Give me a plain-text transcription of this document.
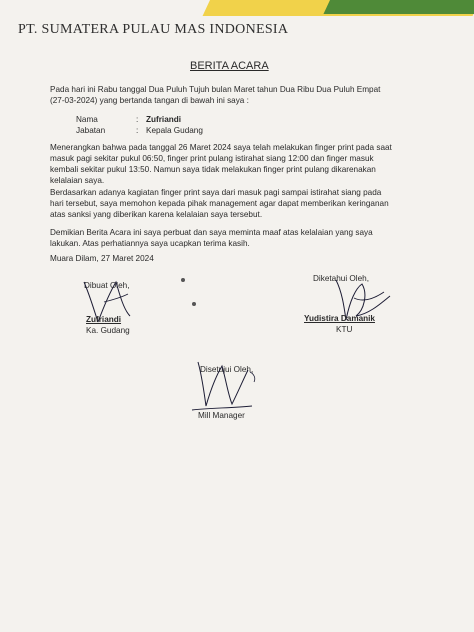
PT. SUMATERA PULAU MAS INDONESIA
BERITA ACARA
Pada hari ini Rabu tanggal Dua Puluh Tujuh bulan Maret tahun Dua Ribu Dua Puluh Empat
(27-03-2024) yang bertanda tangan di bawah ini saya :
Nama	: Zufriandi
Jabatan	: Kepala Gudang
Menerangkan bahwa pada tanggal 26 Maret 2024 saya telah melakukan finger print pada saat
masuk pagi sekitar pukul 06:50, finger print pulang istirahat siang 12:00 dan finger masuk
kembali sekitar pukul 13:50. Namun saya tidak melakukan finger print pulang dikarenakan
kelalaian saya.
Berdasarkan adanya kagiatan finger print saya dari masuk pagi sampai istirahat siang pada
hari tersebut, saya memohon kepada pihak management agar dapat memberikan keringanan
atas sanksi yang diberikan karena kelalaian saya tersebut.
Demikian Berita Acara ini saya perbuat dan saya meminta maaf atas kelalaian yang saya
lakukan. Atas perhatiannya saya ucapkan terima kasih.
Muara Dilam, 27 Maret 2024
Dibuat Oleh,
Zufriandi
Ka. Gudang
Diketahui Oleh,
Yudistira Damanik
KTU
Disetujui Oleh,
Mill Manager
